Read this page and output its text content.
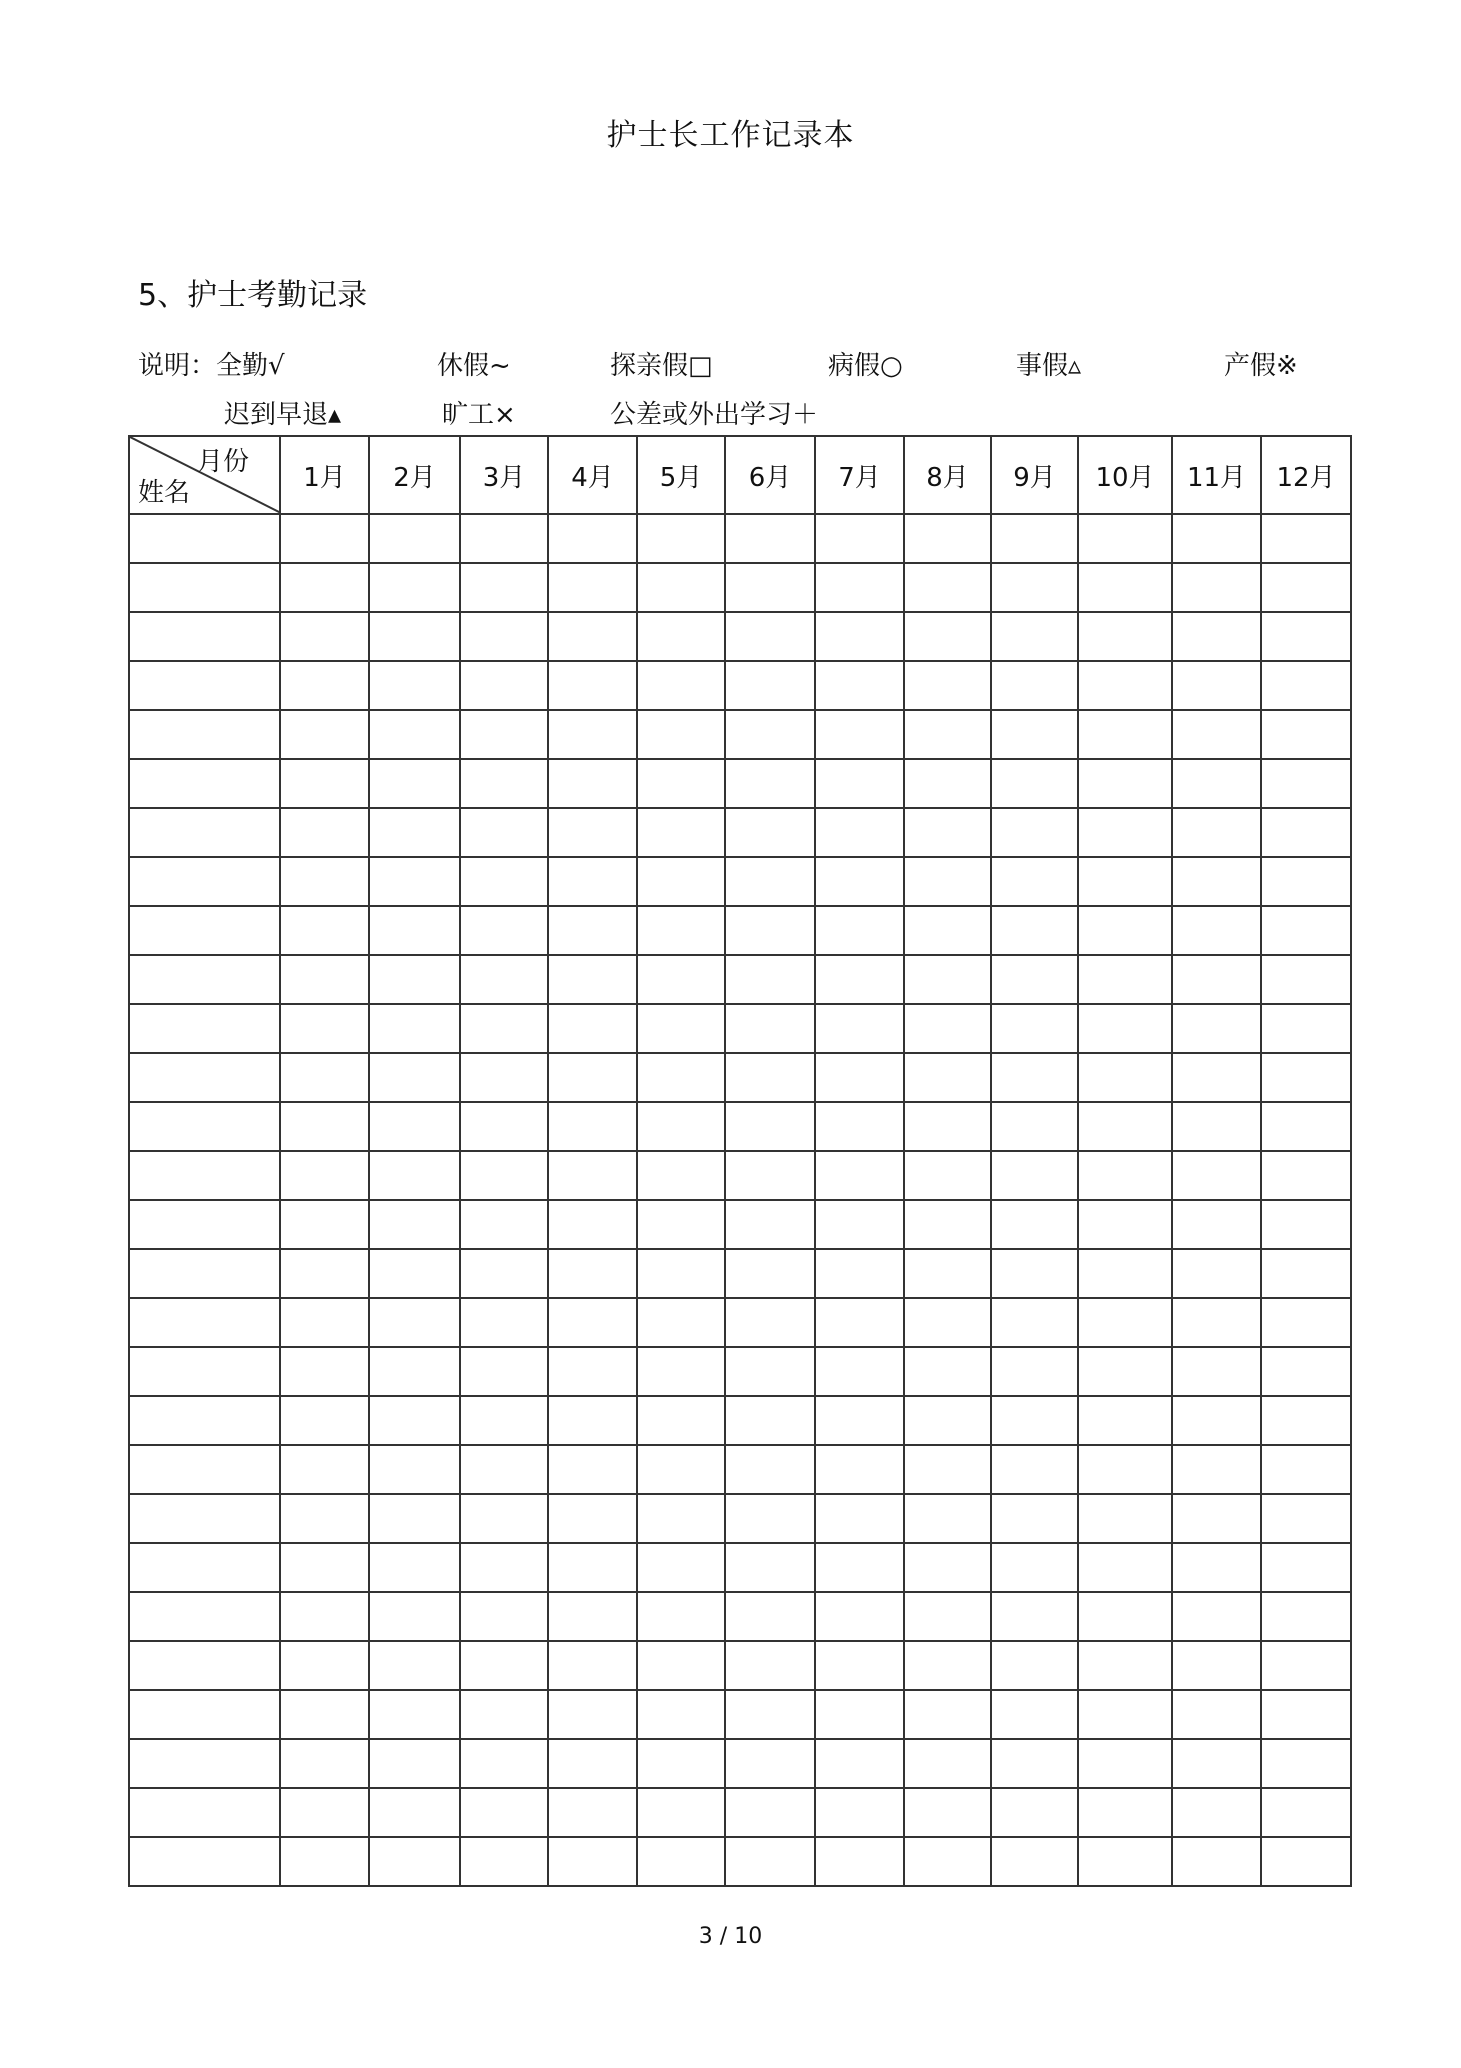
护士长工作记录本
5、护士考勤记录
说明：全勤√	休假~	探亲假□	病假○	事假▵	产假※
迟到早退▴	旷工×	公差或外出学习＋
月份
姓名	1月	2月	3月	4月	5月	6月	7月	8月	9月	10月	11月	12月

3 / 10
